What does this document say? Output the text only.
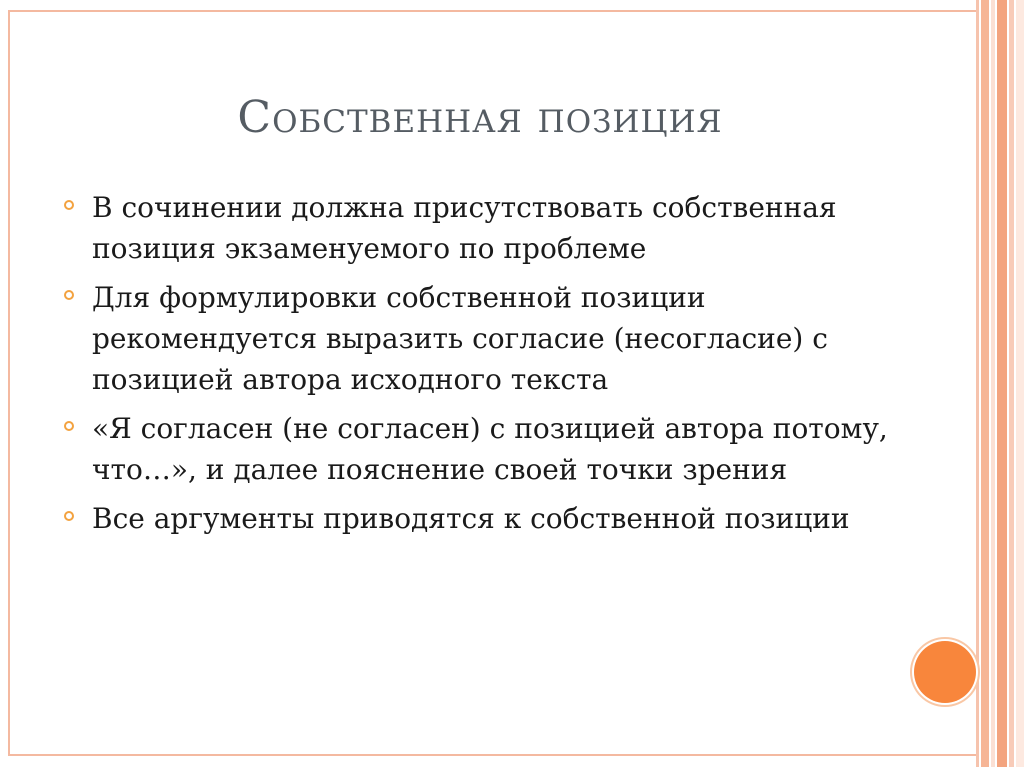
Собственная позиция
В сочинении должна присутствовать собственная позиция экзаменуемого по проблеме
Для формулировки собственной позиции рекомендуется выразить согласие (несогласие) с позицией автора исходного текста
«Я согласен (не согласен) с позицией автора потому, что…», и далее пояснение своей точки зрения
Все аргументы приводятся к собственной позиции
